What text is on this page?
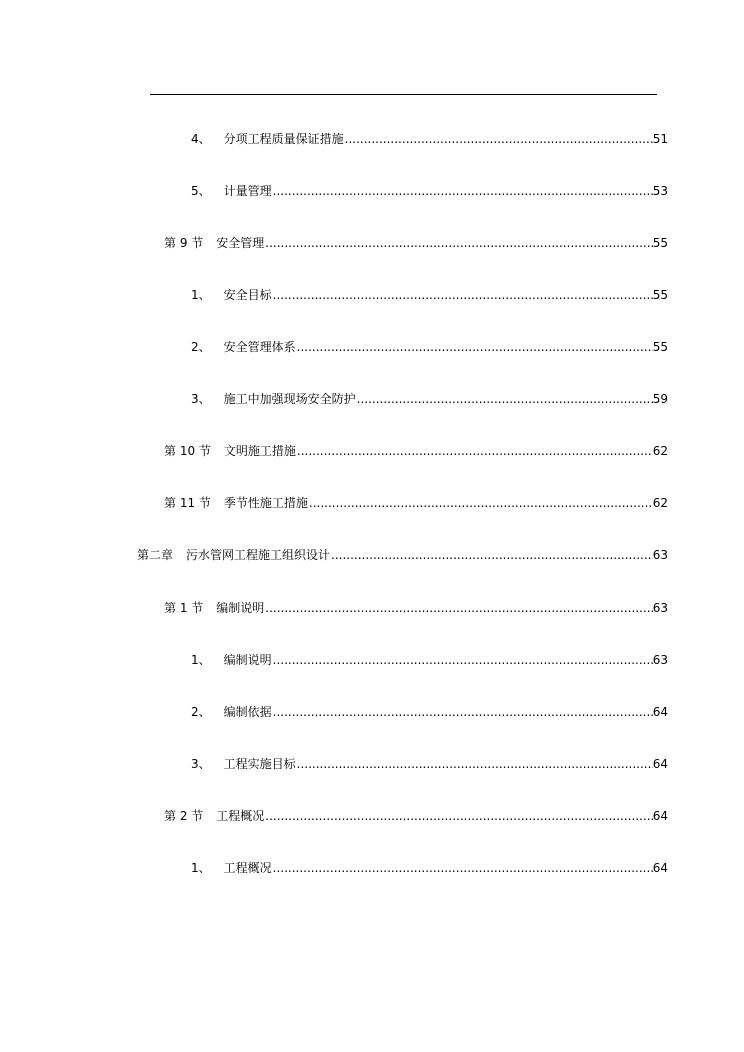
4、	分项工程质量保证措施 .....	51
5、	计量管理 .....	53
第 9 节	安全管理 .....	55
1、	安全目标 .....	55
2、	安全管理体系 .....	55
3、	施工中加强现场安全防护 .....	59
第 10 节	文明施工措施 .....	62
第 11 节	季节性施工措施 .....	62
第二章	污水管网工程施工组织设计 .....	63
第 1 节	编制说明 .....	63
1、	编制说明 .....	63
2、	编制依据 .....	64
3、	工程实施目标 .....	64
第 2 节	工程概况 .....	64
1、	工程概况 .....	64
